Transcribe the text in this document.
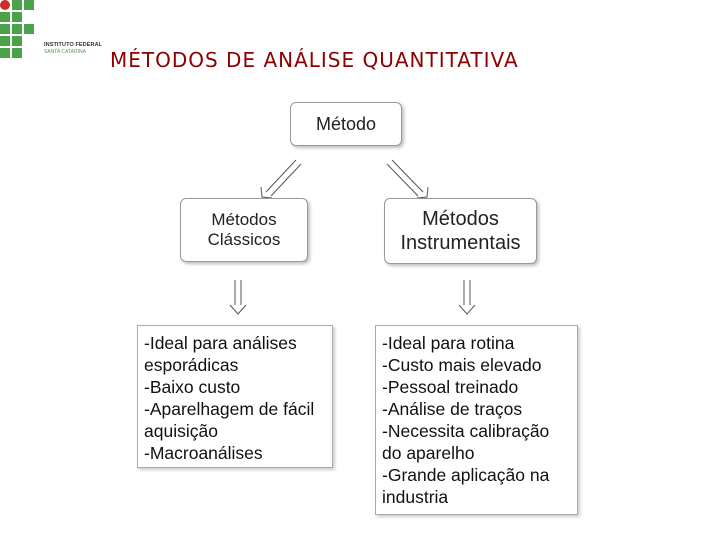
INSTITUTO FEDERAL
SANTA CATARINA MÉTODOS DE ANÁLISE QUANTITATIVA
Método
Métodos
Clássicos
Métodos
Instrumentais
-Ideal para análises
esporádicas
-Baixo custo
-Aparelhagem de fácil
aquisição
-Macroanálises
-Ideal para rotina
-Custo mais elevado
-Pessoal treinado
-Análise de traços
-Necessita calibração
do aparelho
-Grande aplicação na
industria
